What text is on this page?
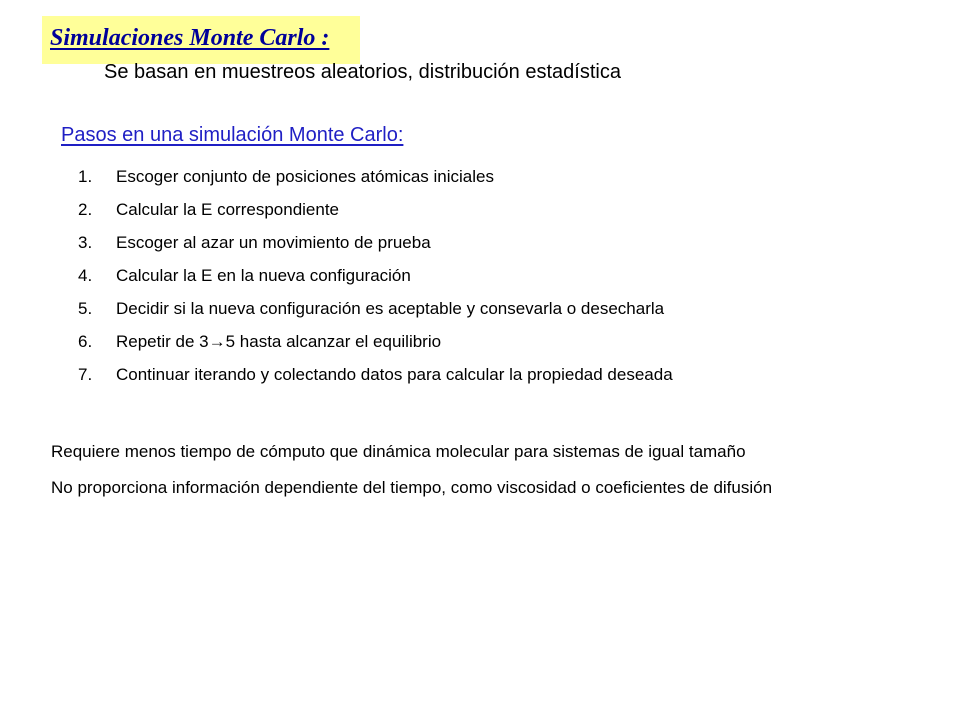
Simulaciones Monte Carlo :
Se basan en muestreos aleatorios, distribución estadística
Pasos en una simulación Monte Carlo:
1. Escoger conjunto de posiciones atómicas iniciales
2. Calcular la E correspondiente
3. Escoger al azar un movimiento de prueba
4. Calcular la E en la nueva configuración
5. Decidir si la nueva configuración es aceptable y consevarla o desecharla
6. Repetir de 3→5 hasta alcanzar el equilibrio
7. Continuar iterando y colectando datos para calcular la propiedad deseada
Requiere menos tiempo de cómputo que dinámica molecular para sistemas de igual tamaño
No proporciona información dependiente del tiempo, como viscosidad o coeficientes de difusión
